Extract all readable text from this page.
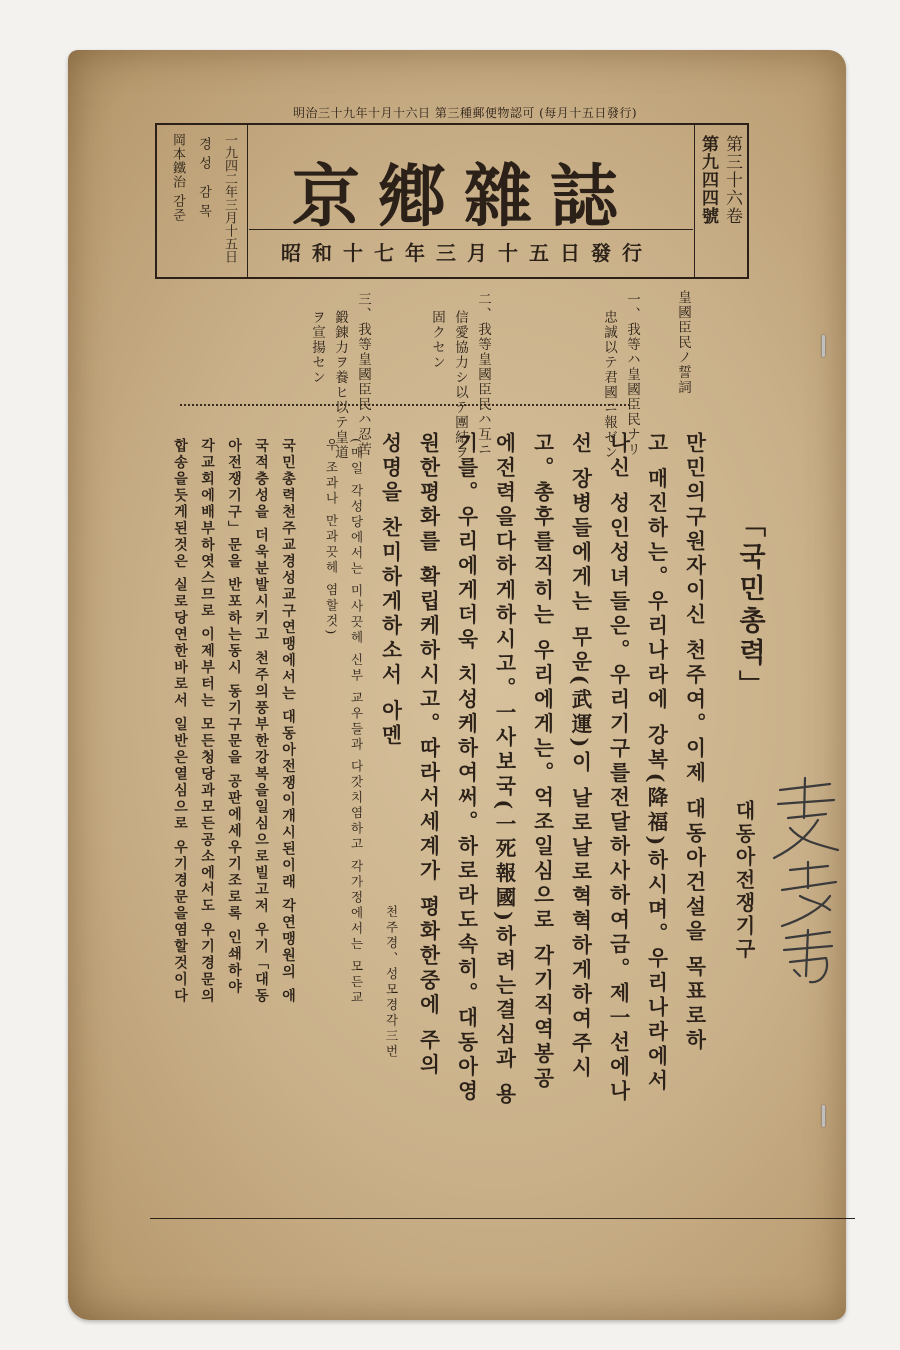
明治三十九年十月十六日 第三種郵便物認可 (每月十五日發行)
一九四二年三月十五日
경성 감목
岡本鐵治 감준	京鄕雜誌
昭和十七年三月十五日發行
第三十六卷
第九四四號
皇國臣民ノ誓詞
一、我等ハ皇國臣民ナリ
忠誠以テ君國ニ報ゼン
二、我等皇國臣民ハ互ニ
信愛協力シ以テ團結ヲ
固クセン
三、我等皇國臣民ハ忍苦
鍛錬力ヲ養ヒ以テ皇道
ヲ宣揚セン
「국민총력」
대동아전쟁기구
만민의구원자이신 천주여。이제 대동아건설을 목표로하
고 매진하는。우리나라에 강복(降福)하시며。우리나라에서
나신 성인성녀들은。우리기구를전달하사하여금。제一선에나
선 장병들에게는 무운(武運)이 날로날로혁혁하게하여주시
고。총후를직히는 우리에게는。억조일심으로 각기직역봉공
에전력을다하게하시고。一사보국(一死報國)하려는결심과 용
기를。우리에게더욱 치성케하여써。하로라도속히。대동아영
원한평화를 확립케하시고。따라서세계가 평화한중에 주의
성명을 찬미하게하소서 아멘
천주경、성모경각三번
(매일 각성당에서는 미사끗헤 신부 교우들과 다갓치염하고 각가정에서는 모든교
우 조과나 만과끗헤 염할것)
국민총력천주교경성교구연맹에서는 대동아전쟁이개시된이래 각연맹원의 애
국적충성을 더욱분발시키고 천주의풍부한강복을일심으로빌고저 우기「대동
아전쟁기구」문을 반포하는동시 동기구문을 공판에세우기조로록 인쇄하야
각교회에배부하엿스므로 이제부터는 모든청당과모든공소에서도 우기경문의
합송을듯게된것은 실로당연한바로서 일반은열심으로 우기경문을염할것이다
